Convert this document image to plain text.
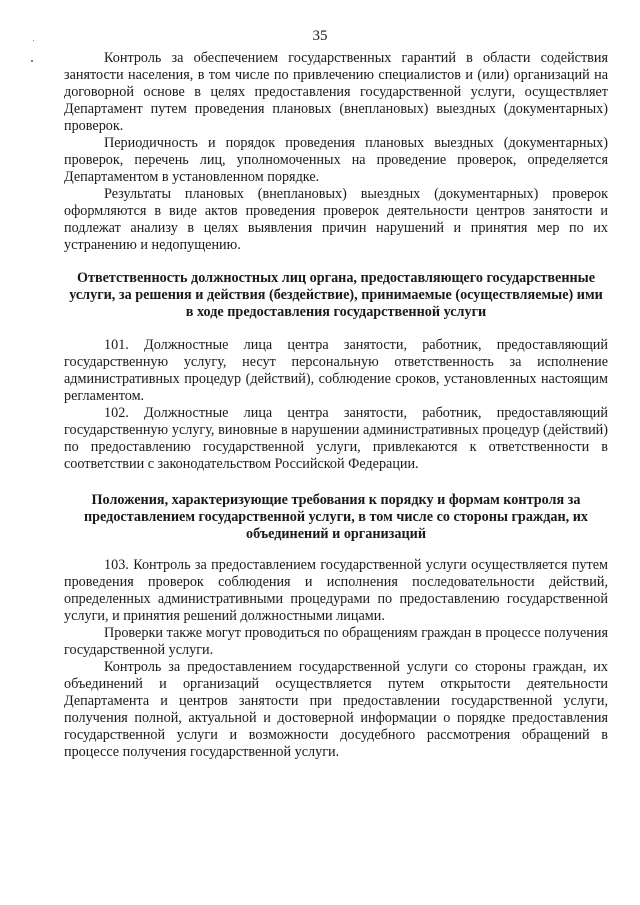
35

Контроль за обеспечением государственных гарантий в области содействия занятости населения, в том числе по привлечению специалистов и (или) организаций на договорной основе в целях предоставления государственной услуги, осуществляет Департамент путем проведения плановых (внеплановых) выездных (документарных) проверок.

Периодичность и порядок проведения плановых выездных (документарных) проверок, перечень лиц, уполномоченных на проведение проверок, определяется Департаментом в установленном порядке.

Результаты плановых (внеплановых) выездных (документарных) проверок оформляются в виде актов проведения проверок деятельности центров занятости и подлежат анализу в целях выявления причин нарушений и принятия мер по их устранению и недопущению.

Ответственность должностных лиц органа, предоставляющего государственные услуги, за решения и действия (бездействие), принимаемые (осуществляемые) ими в ходе предоставления государственной услуги

101. Должностные лица центра занятости, работник, предоставляющий государственную услугу, несут персональную ответственность за исполнение административных процедур (действий), соблюдение сроков, установленных настоящим регламентом.

102. Должностные лица центра занятости, работник, предоставляющий государственную услугу, виновные в нарушении административных процедур (действий) по предоставлению государственной услуги, привлекаются к ответственности в соответствии с законодательством Российской Федерации.

Положения, характеризующие требования к порядку и формам контроля за предоставлением государственной услуги, в том числе со стороны граждан, их объединений и организаций

103. Контроль за предоставлением государственной услуги осуществляется путем проведения проверок соблюдения и исполнения последовательности действий, определенных административными процедурами по предоставлению государственной услуги, и принятия решений должностными лицами.

Проверки также могут проводиться по обращениям граждан в процессе получения государственной услуги.

Контроль за предоставлением государственной услуги со стороны граждан, их объединений и организаций осуществляется путем открытости деятельности Департамента и центров занятости при предоставлении государственной услуги, получения полной, актуальной и достоверной информации о порядке предоставления государственной услуги и возможности досудебного рассмотрения обращений в процессе получения государственной услуги.
